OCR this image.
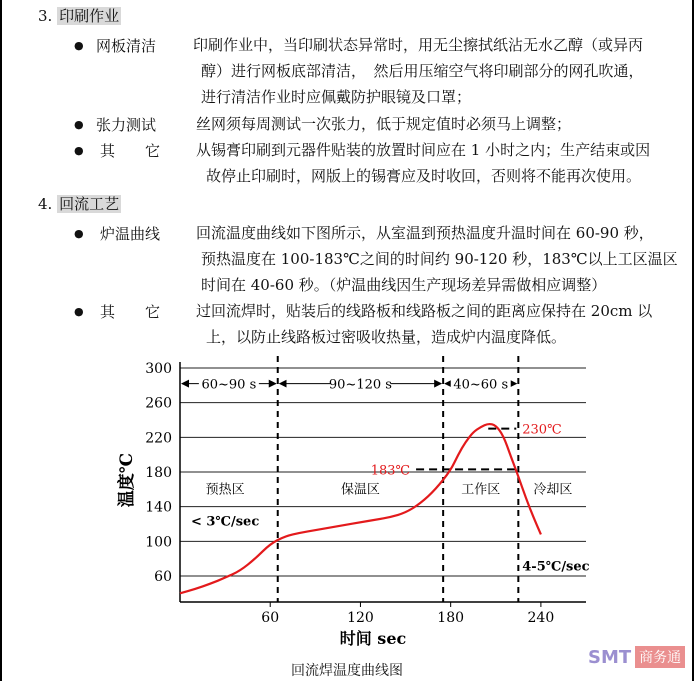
3. 印刷作业
● 网板清洁 印刷作业中，当印刷状态异常时，用无尘擦拭纸沾无水乙醇（或异丙
醇）进行网板底部清洁，　然后用压缩空气将印刷部分的网孔吹通，
进行清洁作业时应佩戴防护眼镜及口罩；
● 张力测试	丝网须每周测试一次张力，低于规定值时必须马上调整；
● 其　　它 从锡膏印刷到元器件贴装的放置时间应在 1 小时之内；生产结束或因
故停止印刷时，网版上的锡膏应及时收回，否则将不能再次使用。
4. 回流工艺
● 炉温曲线 回流温度曲线如下图所示，从室温到预热温度升温时间在 60-90 秒，
预热温度在 100-183℃之间的时间约 90-120 秒，183℃以上工区温区
时间在 40-60 秒。（炉温曲线因生产现场差异需做相应调整）
● 其　　它 过回流焊时，贴装后的线路板和线路板之间的距离应保持在 20cm 以
上，以防止线路板过密吸收热量，造成炉内温度降低。
60
100
140
180
220
260
300
60	120	180	240
时间 sec
温度℃
60~90 s	90~120 s	40~60 s
230℃
183℃
预热区	保温区	工作区	冷却区
< 3℃/sec
4-5℃/sec
回流焊温度曲线图
SMT 商务通
